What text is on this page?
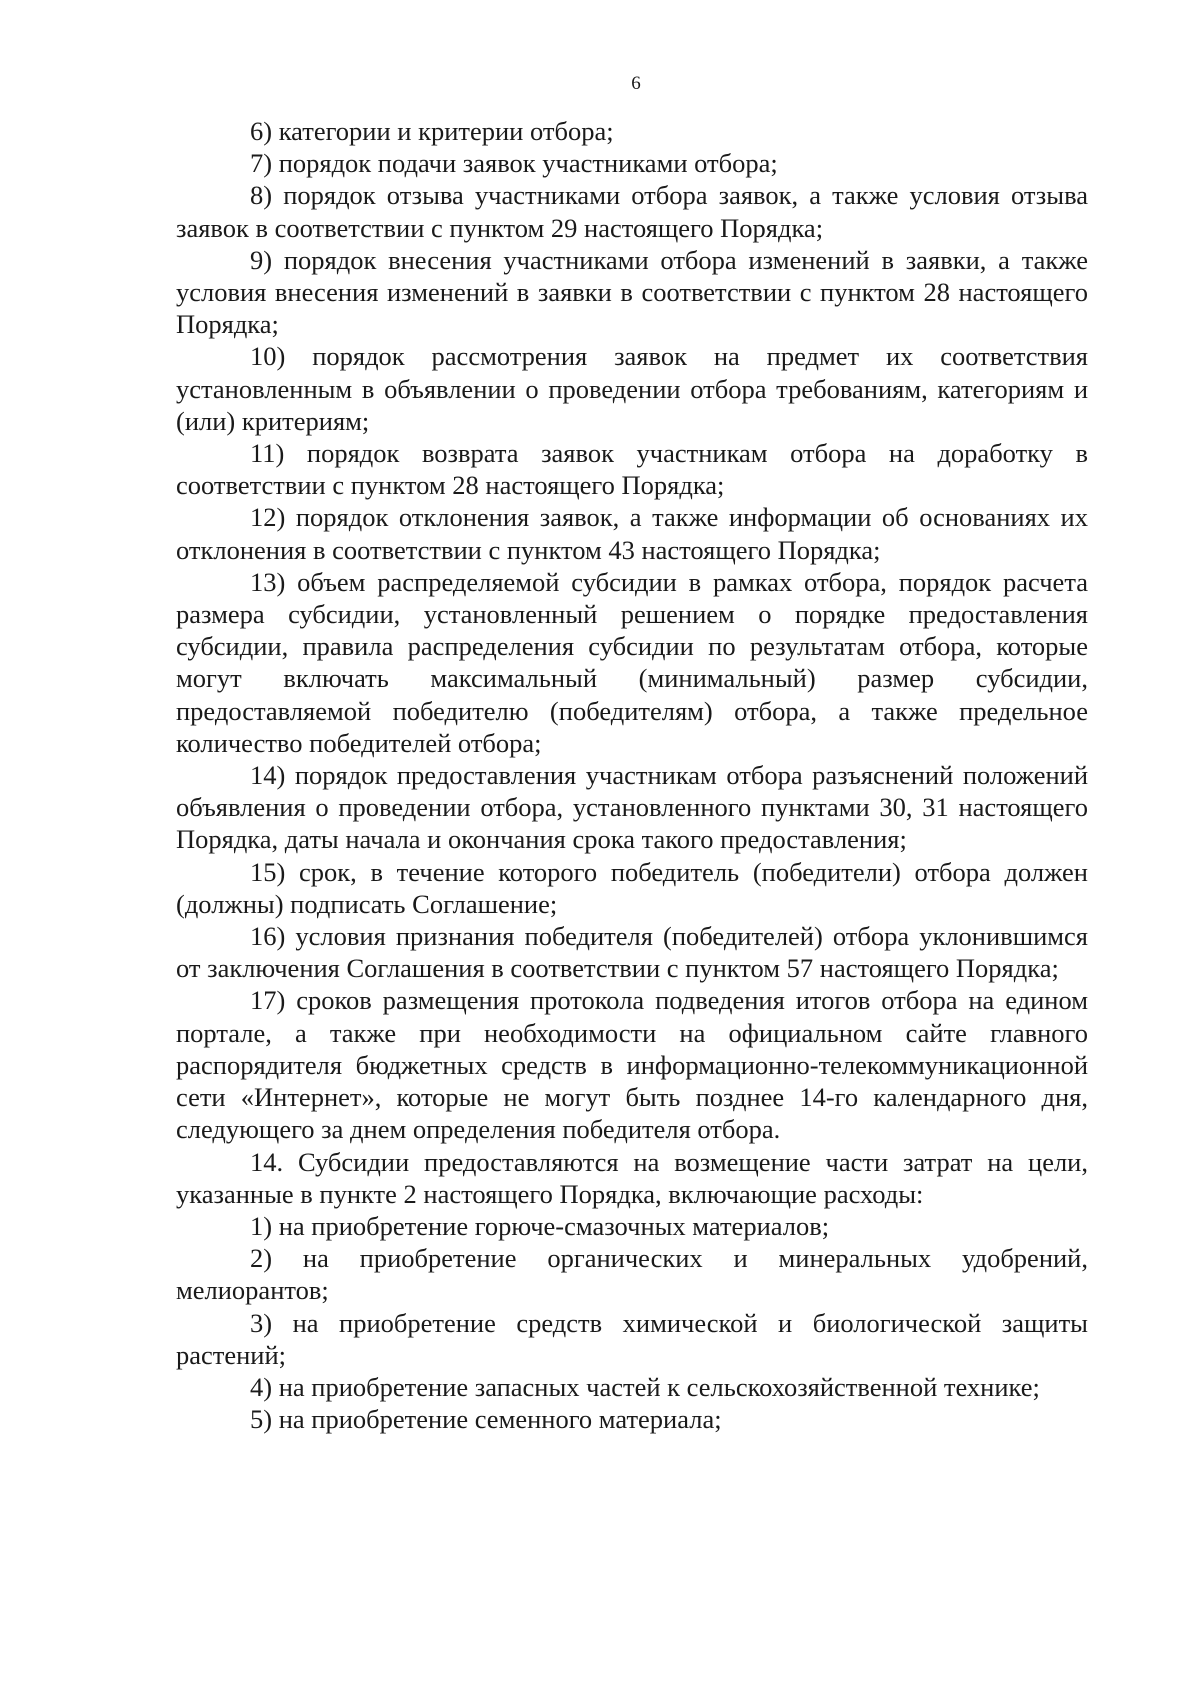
6

6) категории и критерии отбора;

7) порядок подачи заявок участниками отбора;

8) порядок отзыва участниками отбора заявок, а также условия отзыва заявок в соответствии с пунктом 29 настоящего Порядка;

9) порядок внесения участниками отбора изменений в заявки, а также условия внесения изменений в заявки в соответствии с пунктом 28 настоящего Порядка;

10) порядок рассмотрения заявок на предмет их соответствия установленным в объявлении о проведении отбора требованиям, категориям и (или) критериям;

11) порядок возврата заявок участникам отбора на доработку в соответствии с пунктом 28 настоящего Порядка;

12) порядок отклонения заявок, а также информации об основаниях их отклонения в соответствии с пунктом 43 настоящего Порядка;

13) объем распределяемой субсидии в рамках отбора, порядок расчета размера субсидии, установленный решением о порядке предоставления субсидии, правила распределения субсидии по результатам отбора, которые могут включать максимальный (минимальный) размер субсидии, предоставляемой победителю (победителям) отбора, а также предельное количество победителей отбора;

14) порядок предоставления участникам отбора разъяснений положений объявления о проведении отбора, установленного пунктами 30, 31 настоящего Порядка, даты начала и окончания срока такого предоставления;

15) срок, в течение которого победитель (победители) отбора должен (должны) подписать Соглашение;

16) условия признания победителя (победителей) отбора уклонившимся от заключения Соглашения в соответствии с пунктом 57 настоящего Порядка;

17) сроков размещения протокола подведения итогов отбора на едином портале, а также при необходимости на официальном сайте главного распорядителя бюджетных средств в информационно-телекоммуникационной сети «Интернет», которые не могут быть позднее 14-го календарного дня, следующего за днем определения победителя отбора.

14. Субсидии предоставляются на возмещение части затрат на цели, указанные в пункте 2 настоящего Порядка, включающие расходы:

1) на приобретение горюче-смазочных материалов;

2) на приобретение органических и минеральных удобрений, мелиорантов;

3) на приобретение средств химической и биологической защиты растений;

4) на приобретение запасных частей к сельскохозяйственной технике;

5) на приобретение семенного материала;
